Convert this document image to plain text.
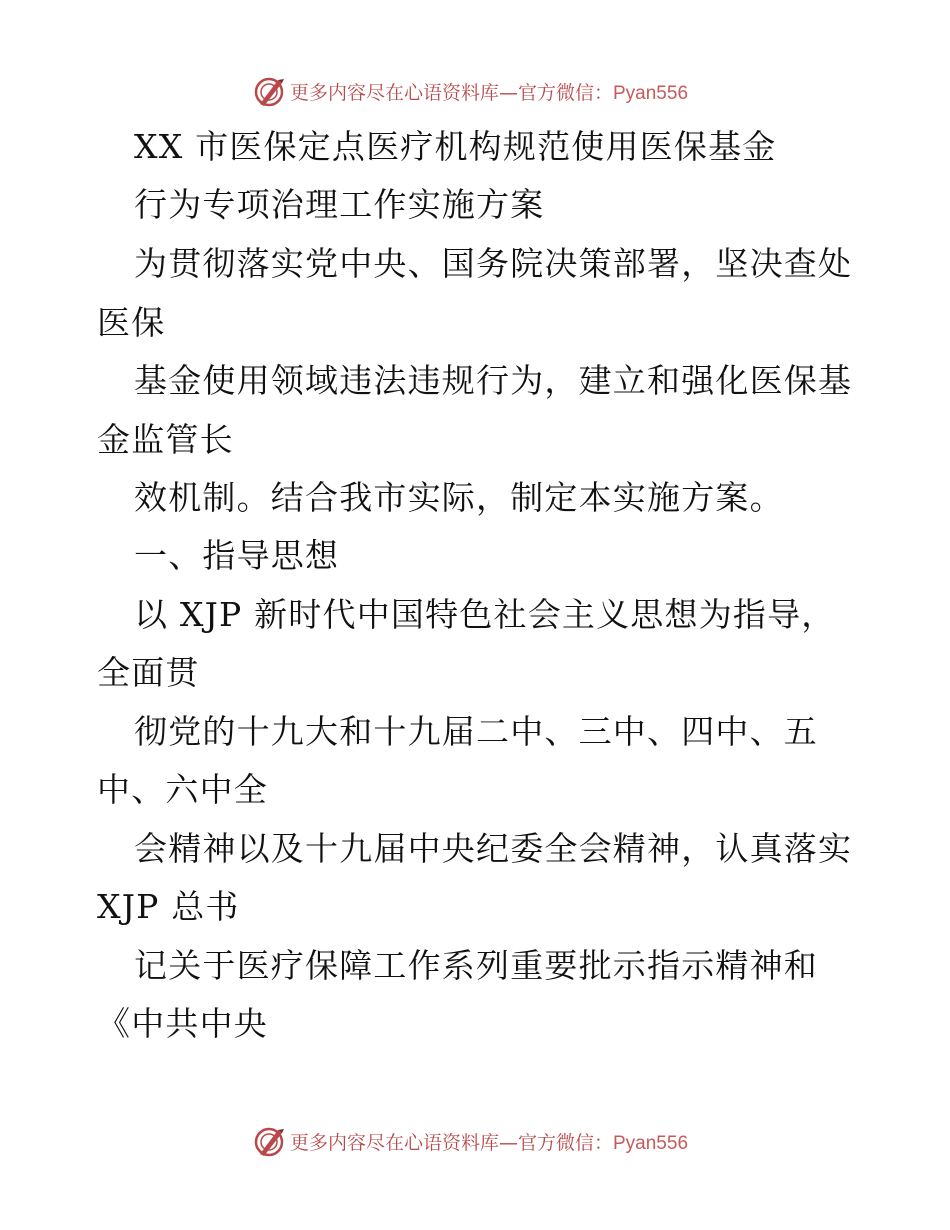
更多内容尽在心语资料库—官方微信：Pyan556
XX 市医保定点医疗机构规范使用医保基金
行为专项治理工作实施方案
为贯彻落实党中央、国务院决策部署，坚决查处
医保
基金使用领域违法违规行为，建立和强化医保基
金监管长
效机制。结合我市实际，制定本实施方案。
一、指导思想
以 XJP 新时代中国特色社会主义思想为指导，
全面贯
彻党的十九大和十九届二中、三中、四中、五
中、六中全
会精神以及十九届中央纪委全会精神，认真落实
XJP 总书
记关于医疗保障工作系列重要批示指示精神和
《中共中央
更多内容尽在心语资料库—官方微信：Pyan556
